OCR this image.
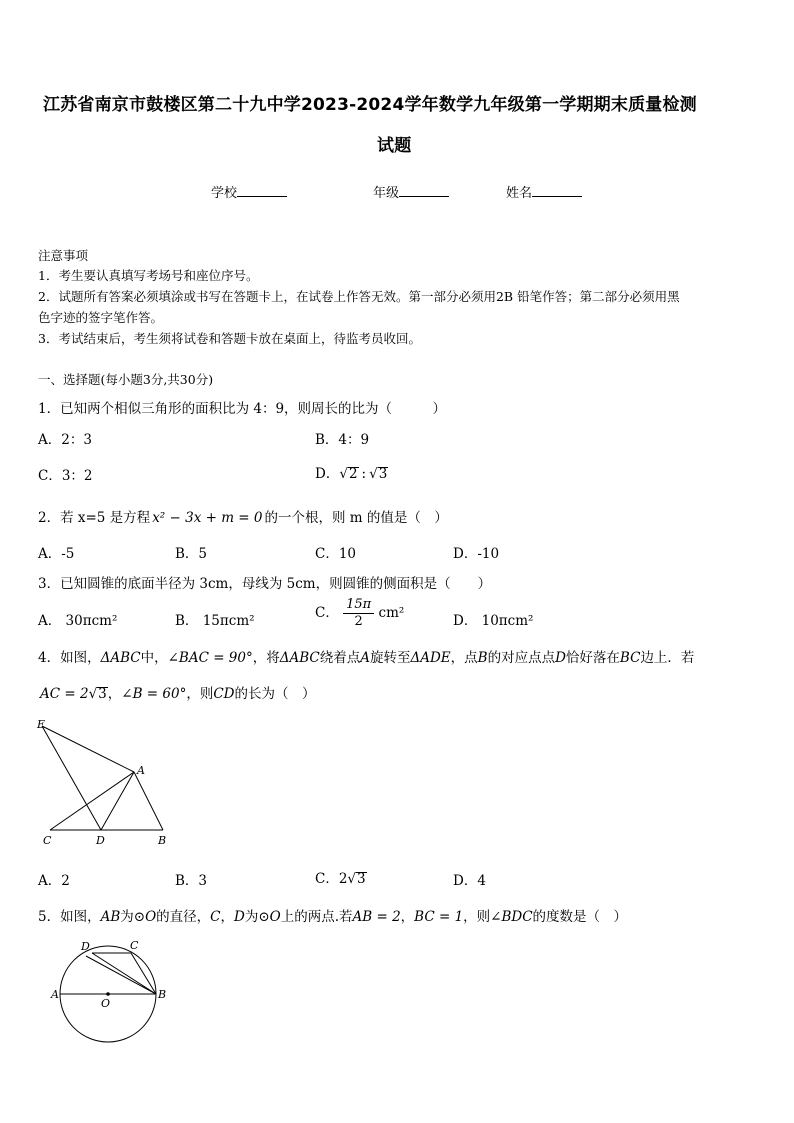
江苏省南京市鼓楼区第二十九中学2023-2024学年数学九年级第一学期期末质量检测
试题
学校	年级	姓名
注意事项
1．考生要认真填写考场号和座位序号。
2．试题所有答案必须填涂或书写在答题卡上，在试卷上作答无效。第一部分必须用2B 铅笔作答；第二部分必须用黑
色字迹的签字笔作答。
3．考试结束后，考生须将试卷和答题卡放在桌面上，待监考员收回。
一、选择题(每小题3分,共30分)
1．已知两个相似三角形的面积比为 4：9，则周长的比为（　　　）
A．2：3	B．4：9
C．3：2	D．√2 : √3
2．若 x=5 是方程 x² − 3x + m = 0 的一个根，则 m 的值是（　）
A．-5	B．5	C．10	D．-10
3．已知圆锥的底面半径为 3cm，母线为 5cm，则圆锥的侧面积是（　　）
A． 30πcm²	B． 15πcm²	C． $\frac{15\pi}{2} cm^2$	D． 10πcm²
4．如图，ΔABC中，∠BAC = 90°，将ΔABC绕着点A旋转至ΔADE，点B的对应点点D恰好落在BC边上．若
AC = 2√3，∠B = 60°，则CD的长为（　）
E
A
C	D	B
A．2	B．3	C．2√3	D．4
5．如图，AB为⊙O的直径，C，D为⊙O上的两点.若AB = 2，BC = 1，则∠BDC的度数是（　）
D	C
A
O
B
